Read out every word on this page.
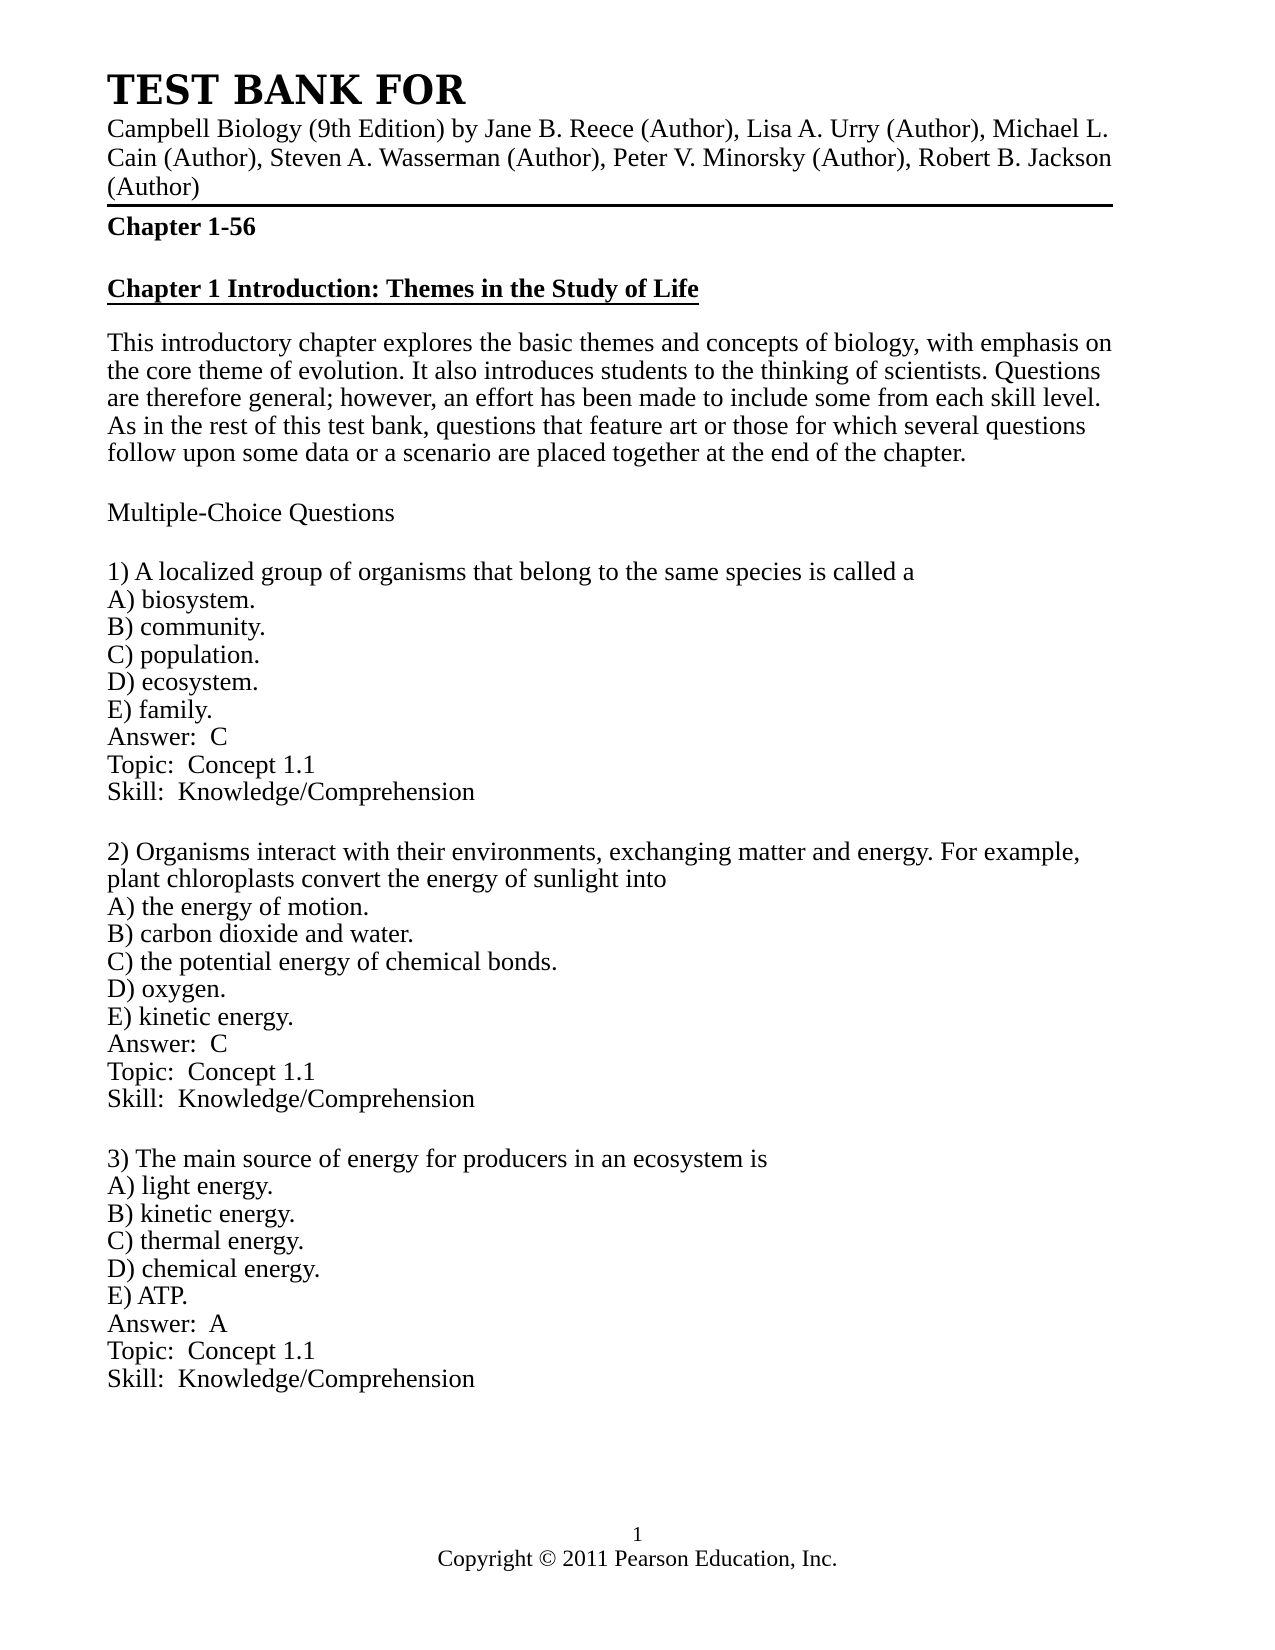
TEST BANK FOR

Campbell Biology (9th Edition) by Jane B. Reece (Author), Lisa A. Urry (Author), Michael L. Cain (Author), Steven A. Wasserman (Author), Peter V. Minorsky (Author), Robert B. Jackson (Author)

Chapter 1-56

Chapter 1 Introduction: Themes in the Study of Life

This introductory chapter explores the basic themes and concepts of biology, with emphasis on the core theme of evolution. It also introduces students to the thinking of scientists. Questions are therefore general; however, an effort has been made to include some from each skill level. As in the rest of this test bank, questions that feature art or those for which several questions follow upon some data or a scenario are placed together at the end of the chapter.

Multiple-Choice Questions

1) A localized group of organisms that belong to the same species is called a

A) biosystem.

B) community.

C) population.

D) ecosystem.

E) family.

Answer:  C

Topic:  Concept 1.1

Skill:  Knowledge/Comprehension

2) Organisms interact with their environments, exchanging matter and energy. For example, plant chloroplasts convert the energy of sunlight into

A) the energy of motion.

B) carbon dioxide and water.

C) the potential energy of chemical bonds.

D) oxygen.

E) kinetic energy.

Answer:  C

Topic:  Concept 1.1

Skill:  Knowledge/Comprehension

3) The main source of energy for producers in an ecosystem is

A) light energy.

B) kinetic energy.

C) thermal energy.

D) chemical energy.

E) ATP.

Answer:  A

Topic:  Concept 1.1

Skill:  Knowledge/Comprehension

1

Copyright © 2011 Pearson Education, Inc.
